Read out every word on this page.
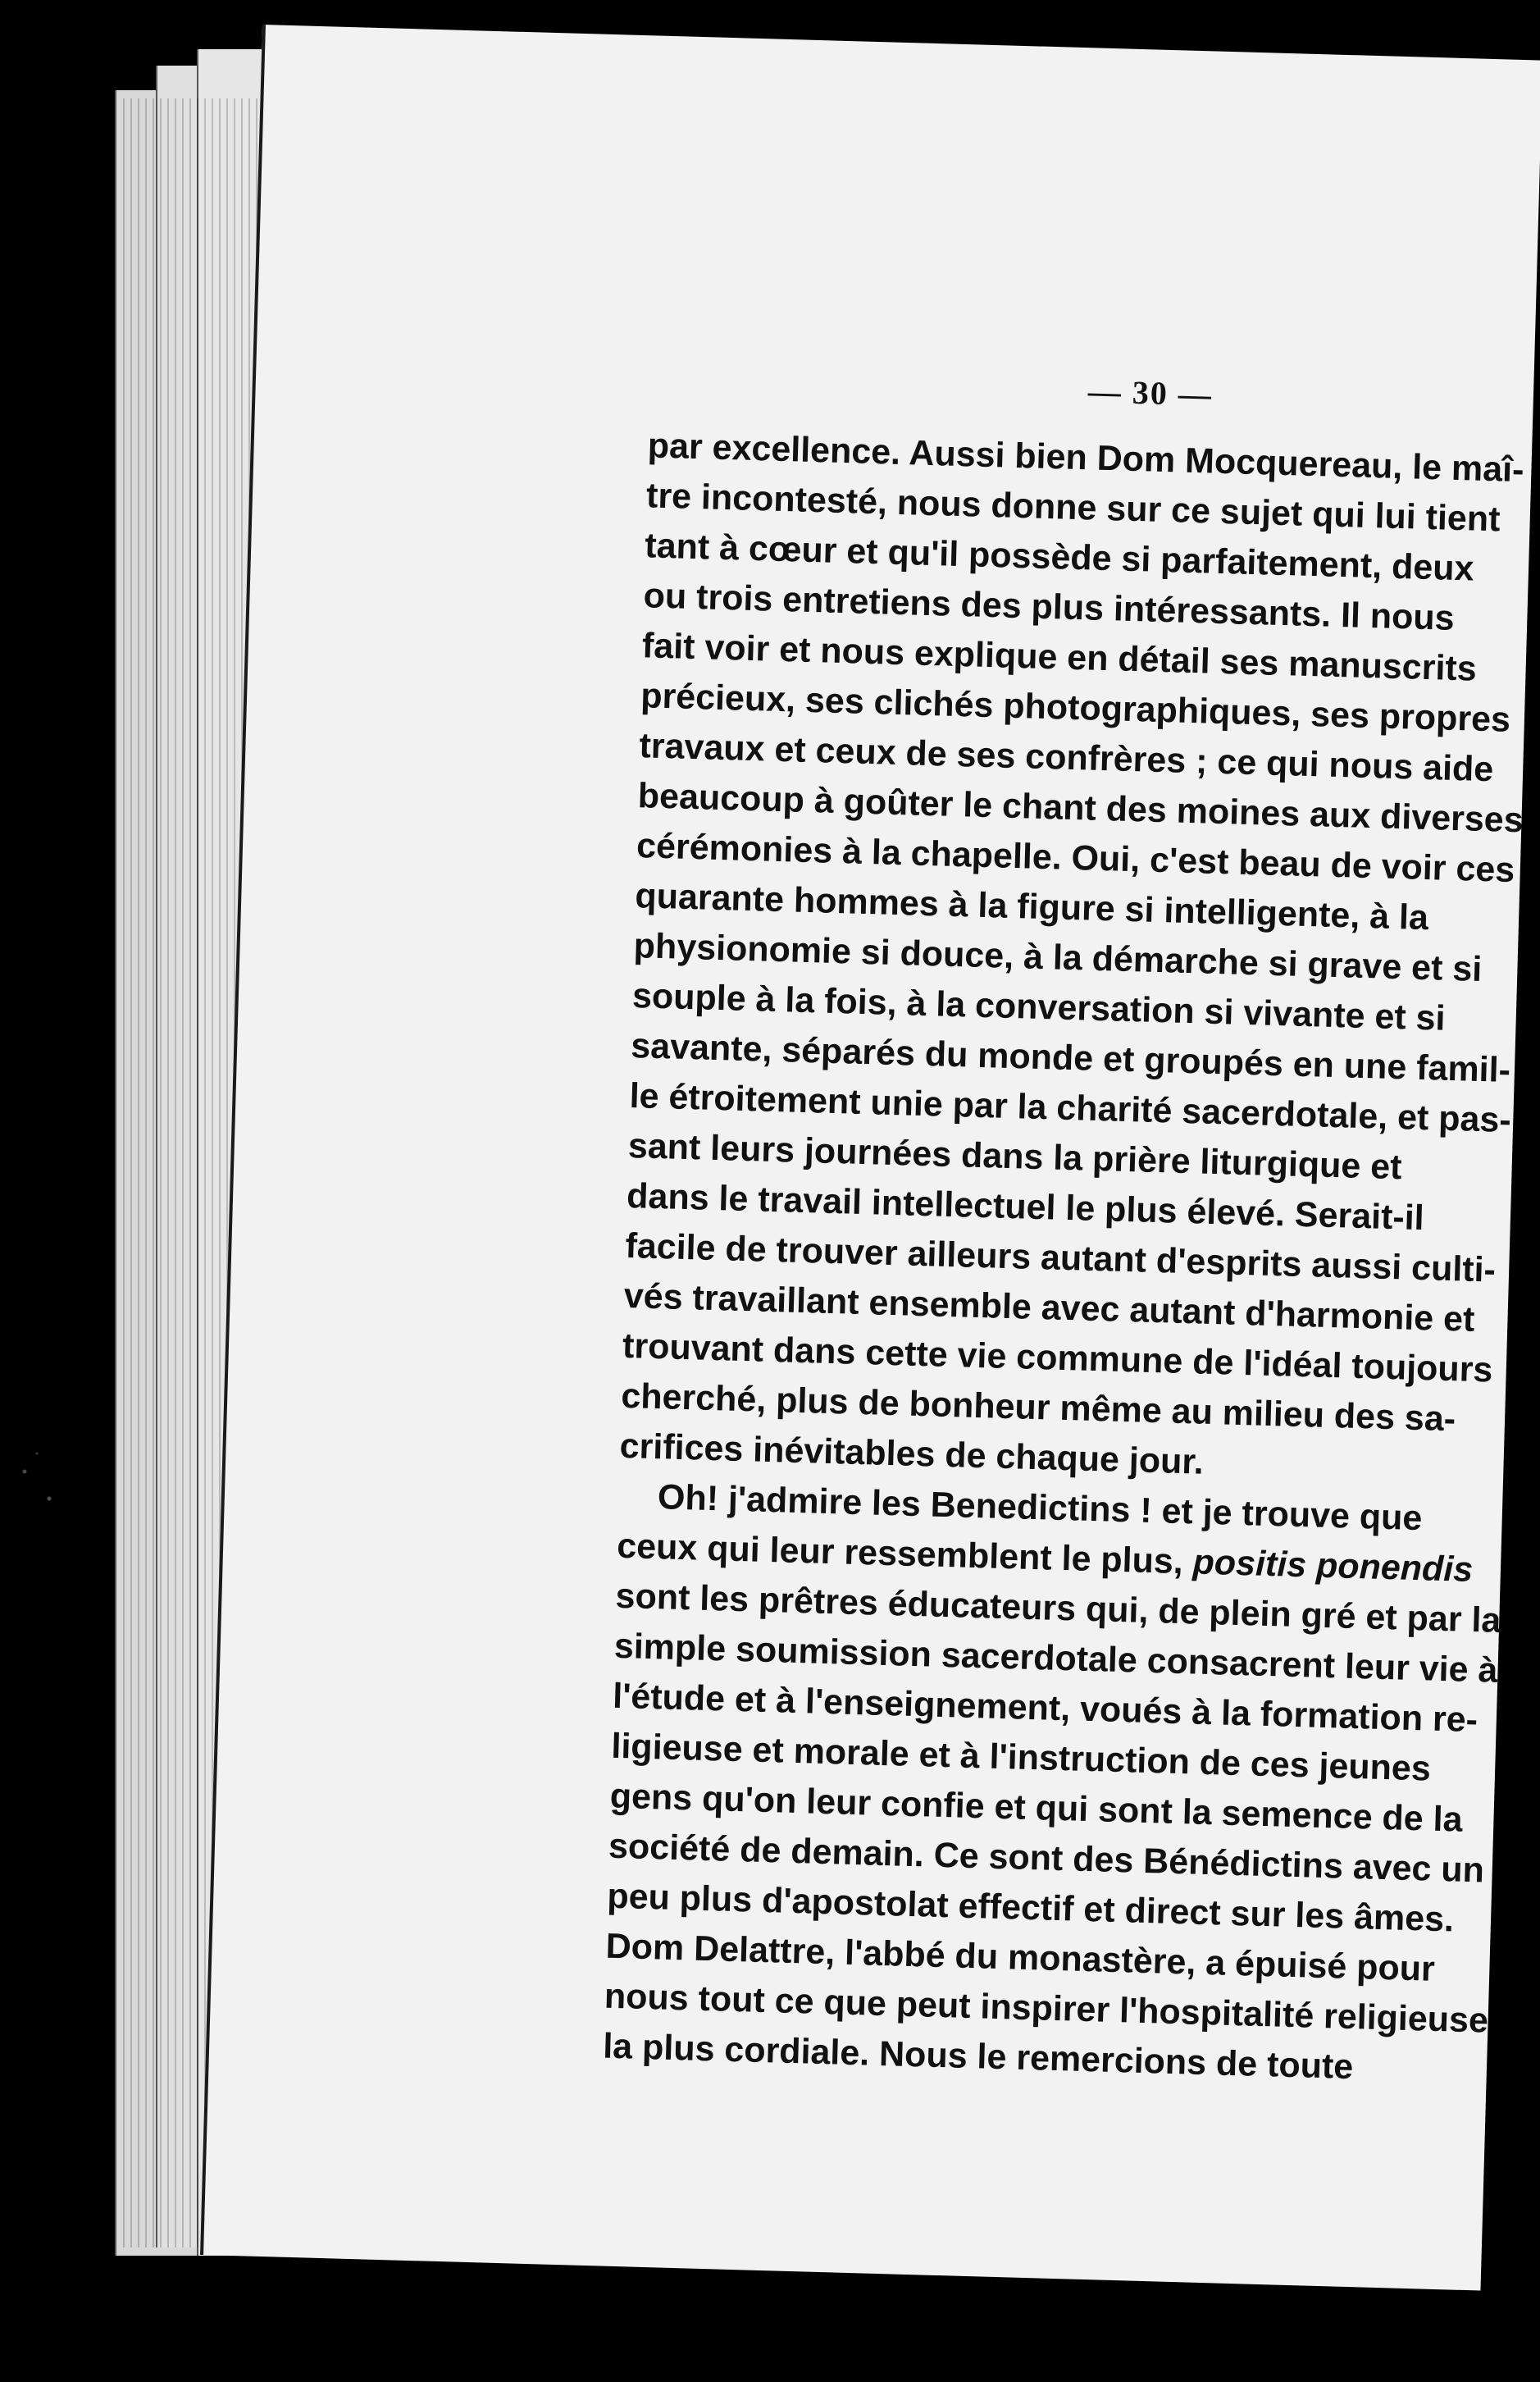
— 30 —
par excellence. Aussi bien Dom Mocquereau, le maî-
tre incontesté, nous donne sur ce sujet qui lui tient
tant à cœur et qu'il possède si parfaitement, deux
ou trois entretiens des plus intéressants. Il nous
fait voir et nous explique en détail ses manuscrits
précieux, ses clichés photographiques, ses propres
travaux et ceux de ses confrères ; ce qui nous aide
beaucoup à goûter le chant des moines aux diverses
cérémonies à la chapelle. Oui, c'est beau de voir ces
quarante hommes à la figure si intelligente, à la
physionomie si douce, à la démarche si grave et si
souple à la fois, à la conversation si vivante et si
savante, séparés du monde et groupés en une famil-
le étroitement unie par la charité sacerdotale, et pas-
sant leurs journées dans la prière liturgique et
dans le travail intellectuel le plus élevé. Serait-il
facile de trouver ailleurs autant d'esprits aussi culti-
vés travaillant ensemble avec autant d'harmonie et
trouvant dans cette vie commune de l'idéal toujours
cherché, plus de bonheur même au milieu des sa-
crifices inévitables de chaque jour.
Oh! j'admire les Benedictins ! et je trouve que
ceux qui leur ressemblent le plus, positis ponendis
sont les prêtres éducateurs qui, de plein gré et par la
simple soumission sacerdotale consacrent leur vie à
l'étude et à l'enseignement, voués à la formation re-
ligieuse et morale et à l'instruction de ces jeunes
gens qu'on leur confie et qui sont la semence de la
société de demain. Ce sont des Bénédictins avec un
peu plus d'apostolat effectif et direct sur les âmes.
Dom Delattre, l'abbé du monastère, a épuisé pour
nous tout ce que peut inspirer l'hospitalité religieuse
la plus cordiale. Nous le remercions de toute
